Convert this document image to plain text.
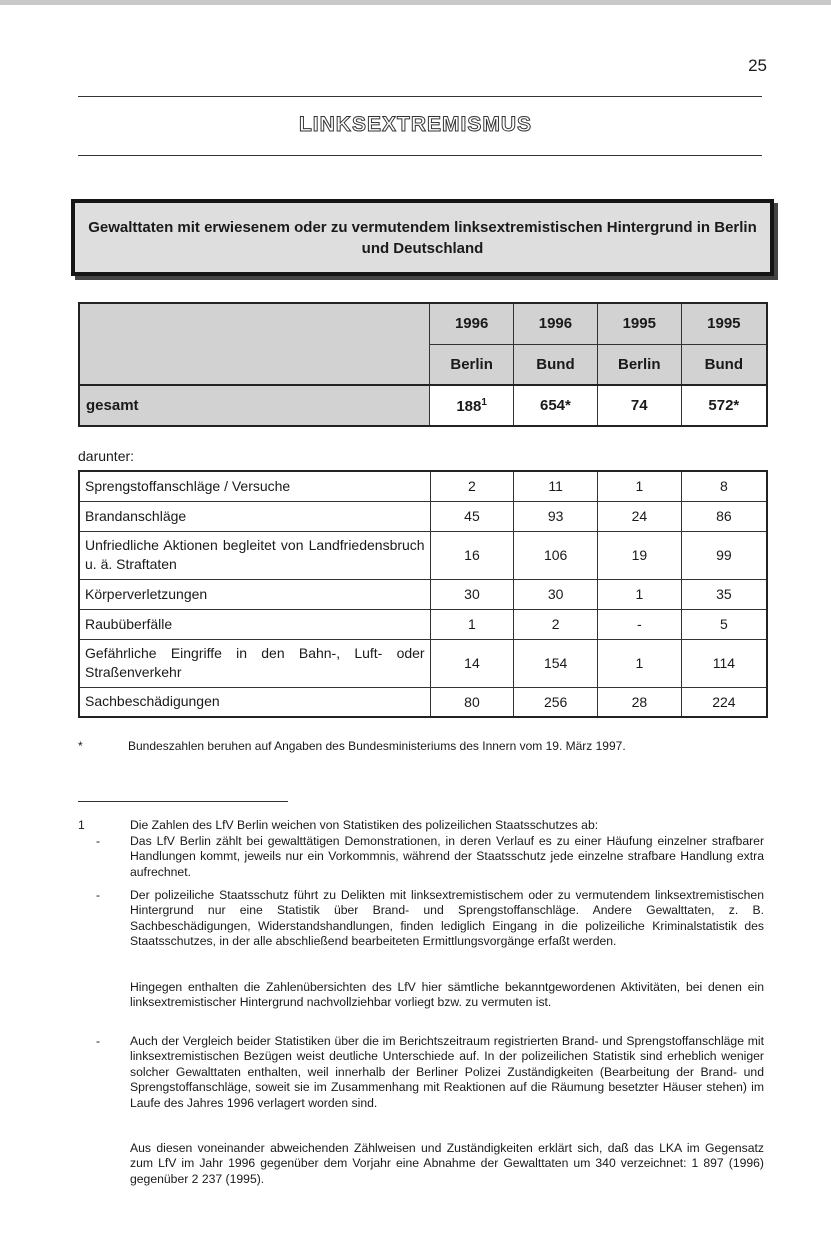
25
LINKSEXTREMISMUS
Gewalttaten mit erwiesenem oder zu vermutendem linksextremistischen Hintergrund in Berlin und Deutschland
	1996	1996	1995	1995
	Berlin	Bund	Berlin	Bund
gesamt	$188^1$	654*	74	572*
darunter:
Sprengstoffanschläge / Versuche	2	11	1	8
Brandanschläge	45	93	24	86
Unfriedliche Aktionen begleitet von Landfriedensbruch u. ä. Straftaten	16	106	19	99
Körperverletzungen	30	30	1	35
Raubüberfälle	1	2	-	5
Gefährliche Eingriffe in den Bahn-, Luft- oder Straßenverkehr	14	154	1	114
Sachbeschädigungen	80	256	28	224
*	Bundeszahlen beruhen auf Angaben des Bundesministeriums des Innern vom 19. März 1997.
1	Die Zahlen des LfV Berlin weichen von Statistiken des polizeilichen Staatsschutzes ab:

- Das LfV Berlin zählt bei gewalttätigen Demonstrationen, in deren Verlauf es zu einer Häufung einzelner strafbarer Handlungen kommt, jeweils nur ein Vorkommnis, während der Staatsschutz jede einzelne strafbare Handlung extra aufrechnet.

- Der polizeiliche Staatsschutz führt zu Delikten mit linksextremistischem oder zu vermutendem linksextremistischen Hintergrund nur eine Statistik über Brand- und Sprengstoffanschläge. Andere Gewalttaten, z. B. Sachbeschädigungen, Widerstandshandlungen, finden lediglich Eingang in die polizeiliche Kriminalstatistik des Staatsschutzes, in der alle abschließend bearbeiteten Ermittlungsvorgänge erfaßt werden.

Hingegen enthalten die Zahlenübersichten des LfV hier sämtliche bekanntgewordenen Aktivitäten, bei denen ein linksextremistischer Hintergrund nachvollziehbar vorliegt bzw. zu vermuten ist.

- Auch der Vergleich beider Statistiken über die im Berichtszeitraum registrierten Brand- und Sprengstoffanschläge mit linksextremistischen Bezügen weist deutliche Unterschiede auf. In der polizeilichen Statistik sind erheblich weniger solcher Gewalttaten enthalten, weil innerhalb der Berliner Polizei Zuständigkeiten (Bearbeitung der Brand- und Sprengstoffanschläge, soweit sie im Zusammenhang mit Reaktionen auf die Räumung besetzter Häuser stehen) im Laufe des Jahres 1996 verlagert worden sind.

Aus diesen voneinander abweichenden Zählweisen und Zuständigkeiten erklärt sich, daß das LKA im Gegensatz zum LfV im Jahr 1996 gegenüber dem Vorjahr eine Abnahme der Gewalttaten um 340 verzeichnet: 1 897 (1996) gegenüber 2 237 (1995).
